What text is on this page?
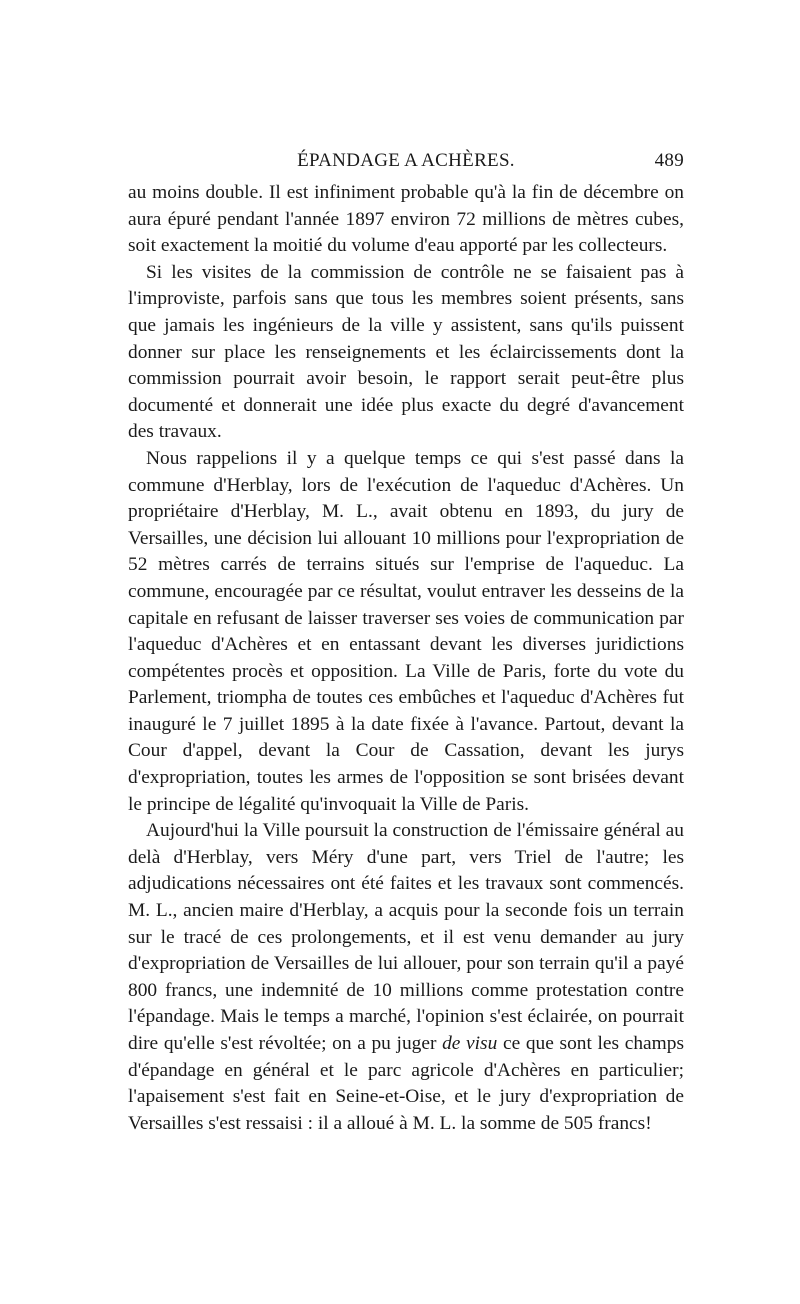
ÉPANDAGE A ACHÈRES.	489

au moins double. Il est infiniment probable qu'à la fin de décembre on aura épuré pendant l'année 1897 environ 72 millions de mètres cubes, soit exactement la moitié du volume d'eau apporté par les collecteurs.

Si les visites de la commission de contrôle ne se faisaient pas à l'improviste, parfois sans que tous les membres soient présents, sans que jamais les ingénieurs de la ville y assistent, sans qu'ils puissent donner sur place les renseignements et les éclaircissements dont la commission pourrait avoir besoin, le rapport serait peut-être plus documenté et donnerait une idée plus exacte du degré d'avancement des travaux.

Nous rappelions il y a quelque temps ce qui s'est passé dans la commune d'Herblay, lors de l'exécution de l'aqueduc d'Achères. Un propriétaire d'Herblay, M. L., avait obtenu en 1893, du jury de Versailles, une décision lui allouant 10 millions pour l'expropriation de 52 mètres carrés de terrains situés sur l'emprise de l'aqueduc. La commune, encouragée par ce résultat, voulut entraver les desseins de la capitale en refusant de laisser traverser ses voies de communication par l'aqueduc d'Achères et en entassant devant les diverses juridictions compétentes procès et opposition. La Ville de Paris, forte du vote du Parlement, triompha de toutes ces embûches et l'aqueduc d'Achères fut inauguré le 7 juillet 1895 à la date fixée à l'avance. Partout, devant la Cour d'appel, devant la Cour de Cassation, devant les jurys d'expropriation, toutes les armes de l'opposition se sont brisées devant le principe de légalité qu'invoquait la Ville de Paris.

Aujourd'hui la Ville poursuit la construction de l'émissaire général au delà d'Herblay, vers Méry d'une part, vers Triel de l'autre; les adjudications nécessaires ont été faites et les travaux sont commencés. M. L., ancien maire d'Herblay, a acquis pour la seconde fois un terrain sur le tracé de ces prolongements, et il est venu demander au jury d'expropriation de Versailles de lui allouer, pour son terrain qu'il a payé 800 francs, une indemnité de 10 millions comme protestation contre l'épandage. Mais le temps a marché, l'opinion s'est éclairée, on pourrait dire qu'elle s'est révoltée; on a pu juger de visu ce que sont les champs d'épandage en général et le parc agricole d'Achères en particulier; l'apaisement s'est fait en Seine-et-Oise, et le jury d'expropriation de Versailles s'est ressaisi : il a alloué à M. L. la somme de 505 francs!
